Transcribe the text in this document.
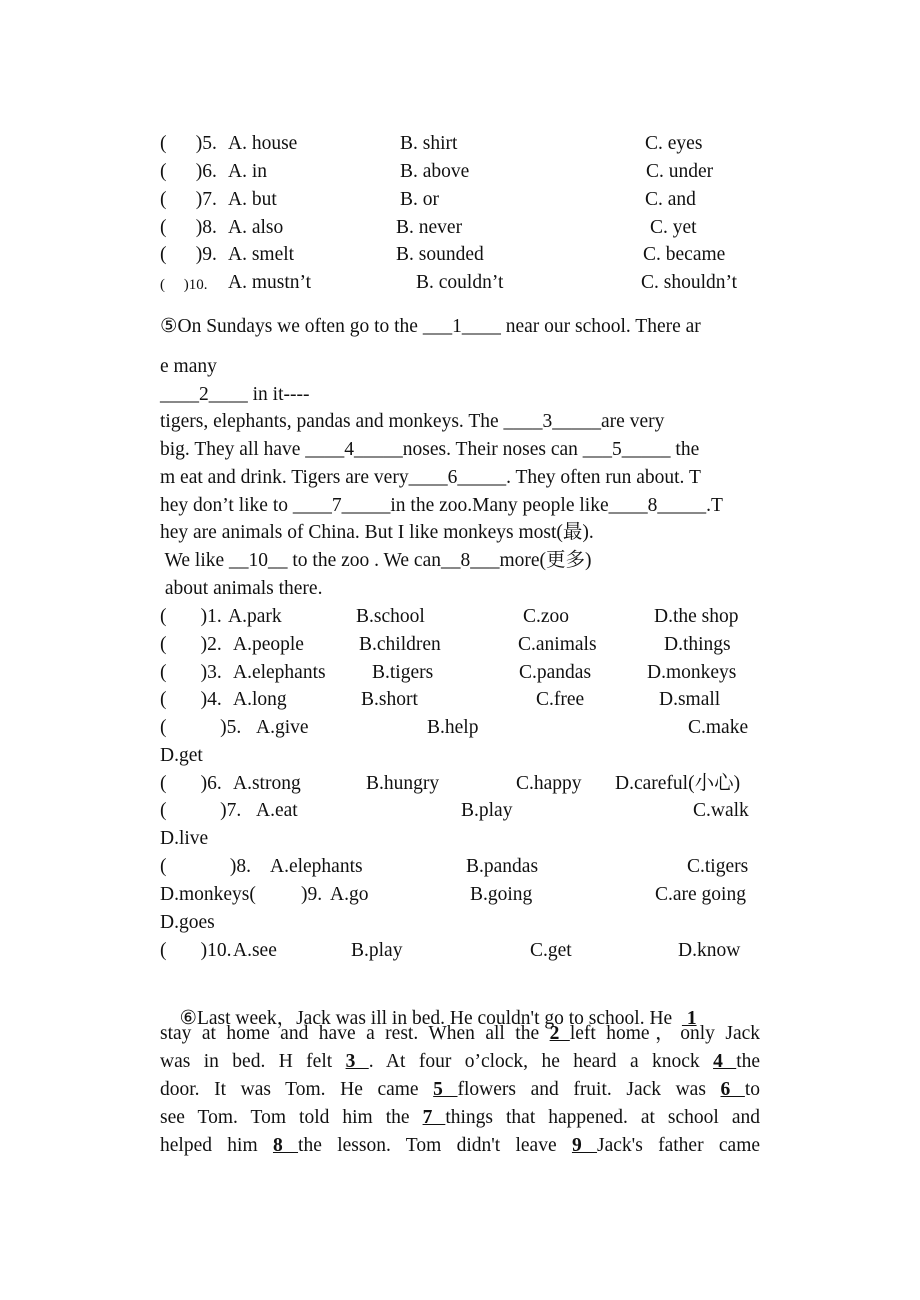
(      )5. A. house	B. shirt	C. eyes
(      )6. A. in	B. above	C. under
(      )7. A. but	B. or	C. and
(      )8. A. also	B. never	C. yet
(      )9. A. smelt	B. sounded	C. became
(     )10. A. mustn’t	B. couldn’t	C. shouldn’t
⑤On Sundays we often go to the ___1____ near our school. There ar
e many
____2____ in it----
tigers, elephants, pandas and monkeys. The ____3_____are very
big. They all have ____4_____noses. Their noses can ___5_____ the
m eat and drink. Tigers are very____6_____. They often run about. T
hey don’t like to ____7_____in the zoo.Many people like____8_____.T
hey are animals of China. But I like monkeys most(最).
We like __10__ to the zoo . We can__8___more(更多)
about animals there.
(       )1. A.park	B.school	C.zoo	D.the shop
(       )2. A.people	B.children	C.animals	D.things
(       )3. A.elephants B.tigers	C.pandas	D.monkeys
(       )4. A.long	B.short	C.free	D.small
(           )5. A.give	B.help	C.make
D.get
(       )6. A.strong	B.hungry	C.happy D.careful(小心)
(           )7. A.eat	B.play	C.walk
D.live
(             )8. A.elephants	B.pandas	C.tigers
D.monkeys( )9. A.go	B.going	C.are going
D.goes
(       )10. A.see	B.play	C.get	D.know

⑥Last week，Jack was ill in bed. He couldn't go to school. He   1

stay at home and have a rest. When all the 2 left home，only Jack
was in bed. H felt 3 . At four o’clock, he heard a knock 4 the
door. It was Tom. He came 5 flowers and fruit. Jack was 6 to
see Tom. Tom told him the 7 things that happened. at school and
helped him 8 the lesson. Tom didn't leave 9 Jack's father came
